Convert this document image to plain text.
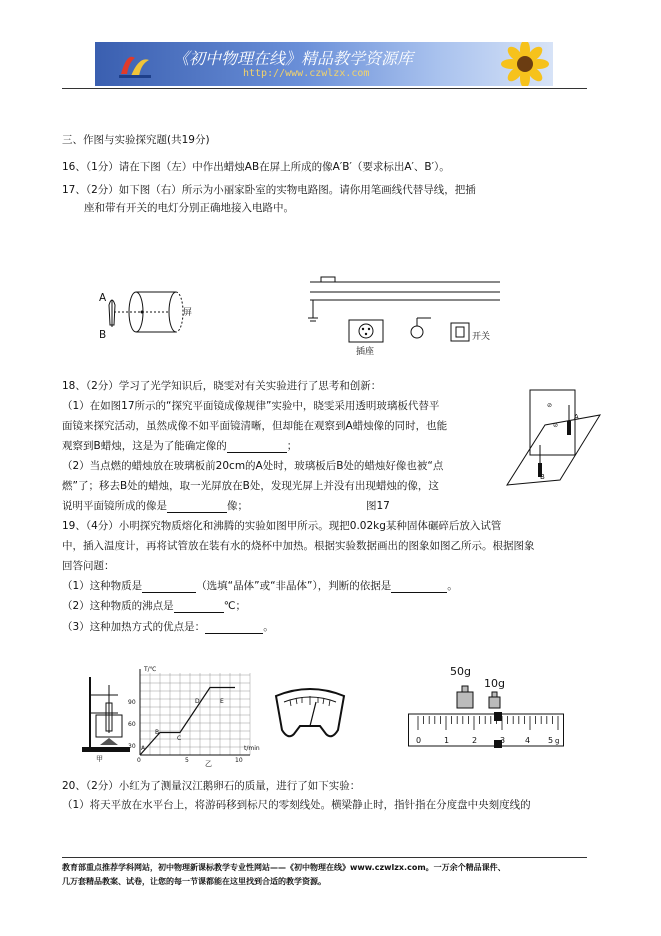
《初中物理在线》精品教学资源库
http://www.czwlzx.com
三、作图与实验探究题(共19分)
16、（1分）请在下图（左）中作出蜡烛AB在屏上所成的像A′B′（要求标出A′、B′）。
17、（2分）如下图（右）所示为小丽家卧室的实物电路图。请你用笔画线代替导线，把插
座和带有开关的电灯分别正确地接入电路中。
A
B
屏
插座
开关
18、（2分）学习了光学知识后，晓雯对有关实验进行了思考和创新：
（1）在如图17所示的“探究平面镜成像规律”实验中，晓雯采用透明玻璃板代替平
面镜来探究活动，虽然成像不如平面镜清晰，但却能在观察到A蜡烛像的同时，也能
观察到B蜡烛，这是为了能确定像的	；
（2）当点燃的蜡烛放在玻璃板前20cm的A处时，玻璃板后B处的蜡烛好像也被“点
燃”了；移去B处的蜡烛，取一光屏放在B处，发现光屏上并没有出现蜡烛的像，这
说明平面镜所成的像是	像；	图17
⊘
⊘
A
B
19、（4分）小明探究物质熔化和沸腾的实验如图甲所示。现把0.02kg某种固体碾碎后放入试管
中，插入温度计，再将试管放在装有水的烧杯中加热。根据实验数据画出的图象如图乙所示。根据图象
回答问题：
（1）这种物质是	（选填“晶体”或“非晶体”），判断的依据是	。
（2）这种物质的沸点是	℃；
（3）这种加热方式的优点是：	。
甲
T/℃
t/min
90
60
30
0	5	10
乙
A
B
C
D	E
50g
10g
0	1	2	3 4 5 g
20、（2分）小红为了测量汉江鹅卵石的质量，进行了如下实验：
（1）将天平放在水平台上，将游码移到标尺的零刻线处。横梁静止时，指针指在分度盘中央刻度线的
教育部重点推荐学科网站，初中物理新课标教学专业性网站——《初中物理在线》www.czwlzx.com。一万余个精品课件、
几万套精品教案、试卷，让您的每一节课都能在这里找到合适的教学资源。
